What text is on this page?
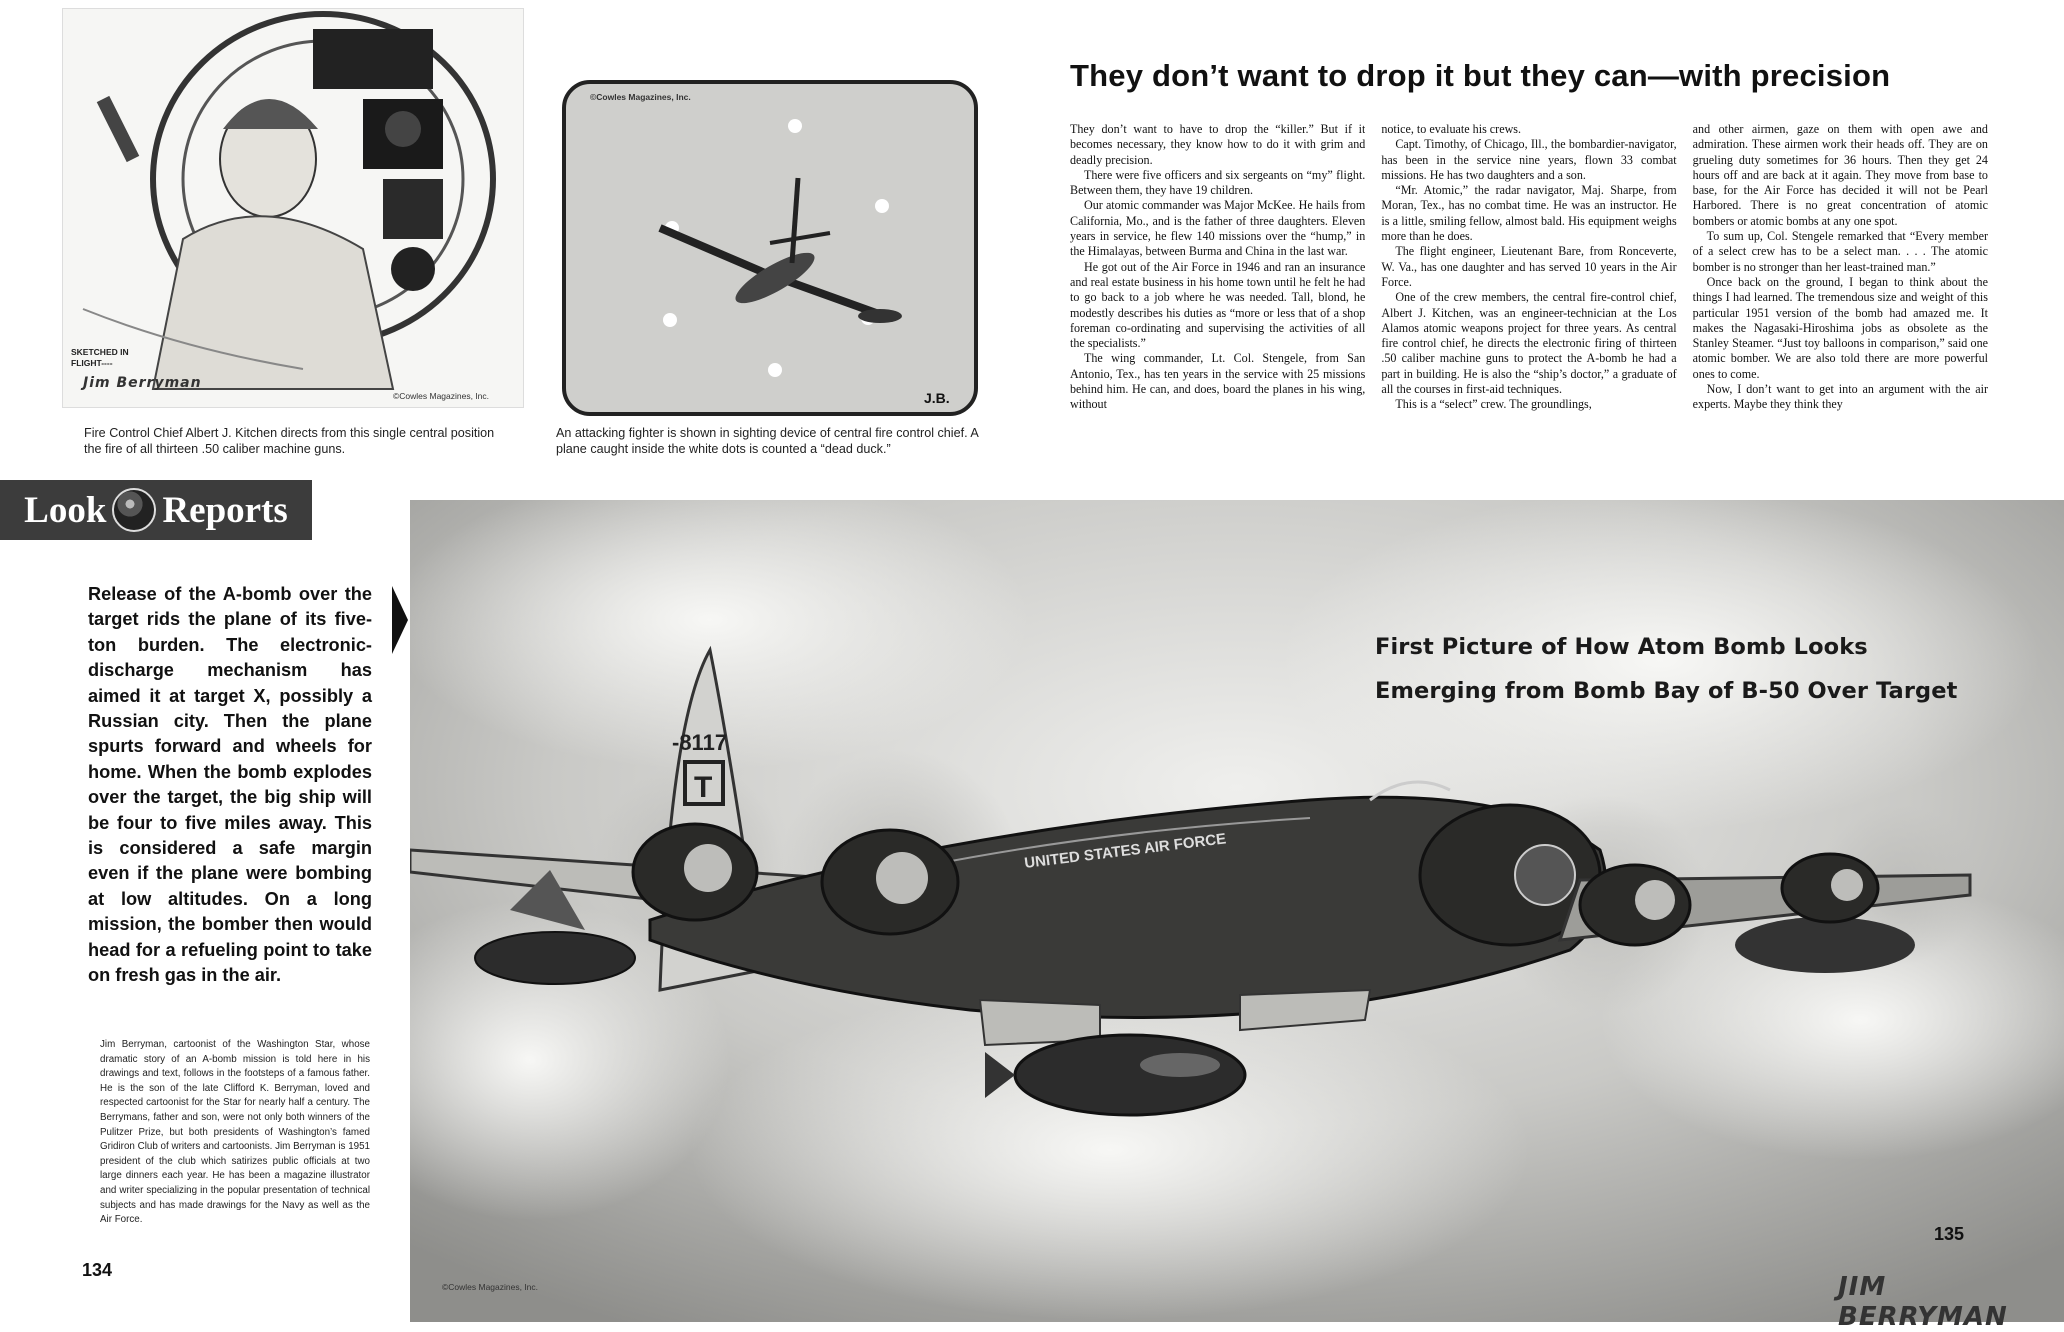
SKETCHED IN FLIGHT----
Jim Berryman
©Cowles Magazines, Inc.
Fire Control Chief Albert J. Kitchen directs from this single central position the fire of all thirteen .50 caliber machine guns.
©Cowles Magazines, Inc.
J.B.
An attacking fighter is shown in sighting device of central fire control chief. A plane caught inside the white dots is counted a “dead duck.”
They don’t want to drop it but they can—with precision

They don’t want to have to drop the “killer.” But if it becomes necessary, they know how to do it with grim and deadly precision.

There were five officers and six sergeants on “my” flight. Between them, they have 19 children.

Our atomic commander was Major McKee. He hails from California, Mo., and is the father of three daughters. Eleven years in service, he flew 140 missions over the “hump,” in the Himalayas, between Burma and China in the last war.

He got out of the Air Force in 1946 and ran an insurance and real estate business in his home town until he felt he had to go back to a job where he was needed. Tall, blond, he modestly describes his duties as “more or less that of a shop foreman co-ordinating and supervising the activities of all the specialists.”

The wing commander, Lt. Col. Stengele, from San Antonio, Tex., has ten years in the service with 25 missions behind him. He can, and does, board the planes in his wing, without

notice, to evaluate his crews.

Capt. Timothy, of Chicago, Ill., the bombardier-navigator, has been in the service nine years, flown 33 combat missions. He has two daughters and a son.

“Mr. Atomic,” the radar navigator, Maj. Sharpe, from Moran, Tex., has no combat time. He was an instructor. He is a little, smiling fellow, almost bald. His equipment weighs more than he does.

The flight engineer, Lieutenant Bare, from Ronceverte, W. Va., has one daughter and has served 10 years in the Air Force.

One of the crew members, the central fire-control chief, Albert J. Kitchen, was an engineer-technician at the Los Alamos atomic weapons project for three years. As central fire control chief, he directs the electronic firing of thirteen .50 caliber machine guns to protect the A-bomb he had a part in building. He is also the “ship’s doctor,” a graduate of all the courses in first-aid techniques.

This is a “select” crew. The groundlings,

and other airmen, gaze on them with open awe and admiration. These airmen work their heads off. They are on grueling duty sometimes for 36 hours. Then they get 24 hours off and are back at it again. They move from base to base, for the Air Force has decided it will not be Pearl Harbored. There is no great concentration of atomic bombers or atomic bombs at any one spot.

To sum up, Col. Stengele remarked that “Every member of a select crew has to be a select man. . . . The atomic bomber is no stronger than her least-trained man.”

Once back on the ground, I began to think about the things I had learned. The tremendous size and weight of this particular 1951 version of the bomb had amazed me. It makes the Nagasaki-Hiroshima jobs as obsolete as the Stanley Steamer. “Just toy balloons in comparison,” said one atomic bomber. We are also told there are more powerful ones to come.

Now, I don’t want to get into an argument with the air experts. Maybe they think they

Look Reports
Release of the A-bomb over the target rids the plane of its five-ton burden. The electronic-discharge mechanism has aimed it at target X, possibly a Russian city. Then the plane spurts forward and wheels for home. When the bomb explodes over the target, the big ship will be four to five miles away. This is considered a safe margin even if the plane were bombing at low altitudes. On a long mission, the bomber then would head for a refueling point to take on fresh gas in the air.
Jim Berryman, cartoonist of the Washington Star, whose dramatic story of an A-bomb mission is told here in his drawings and text, follows in the footsteps of a famous father. He is the son of the late Clifford K. Berryman, loved and respected cartoonist for the Star for nearly half a century. The Berrymans, father and son, were not only both winners of the Pulitzer Prize, but both presidents of Washington’s famed Gridiron Club of writers and cartoonists. Jim Berryman is 1951 president of the club which satirizes public officials at two large dinners each year. He has been a magazine illustrator and writer specializing in the popular presentation of technical subjects and has made drawings for the Navy as well as the Air Force.
134
-8117
T
UNITED STATES AIR FORCE
©Cowles Magazines, Inc.	JIM BERRYMAN
First Picture of How Atom Bomb Looks
Emerging from Bomb Bay of B-50 Over Target
135
